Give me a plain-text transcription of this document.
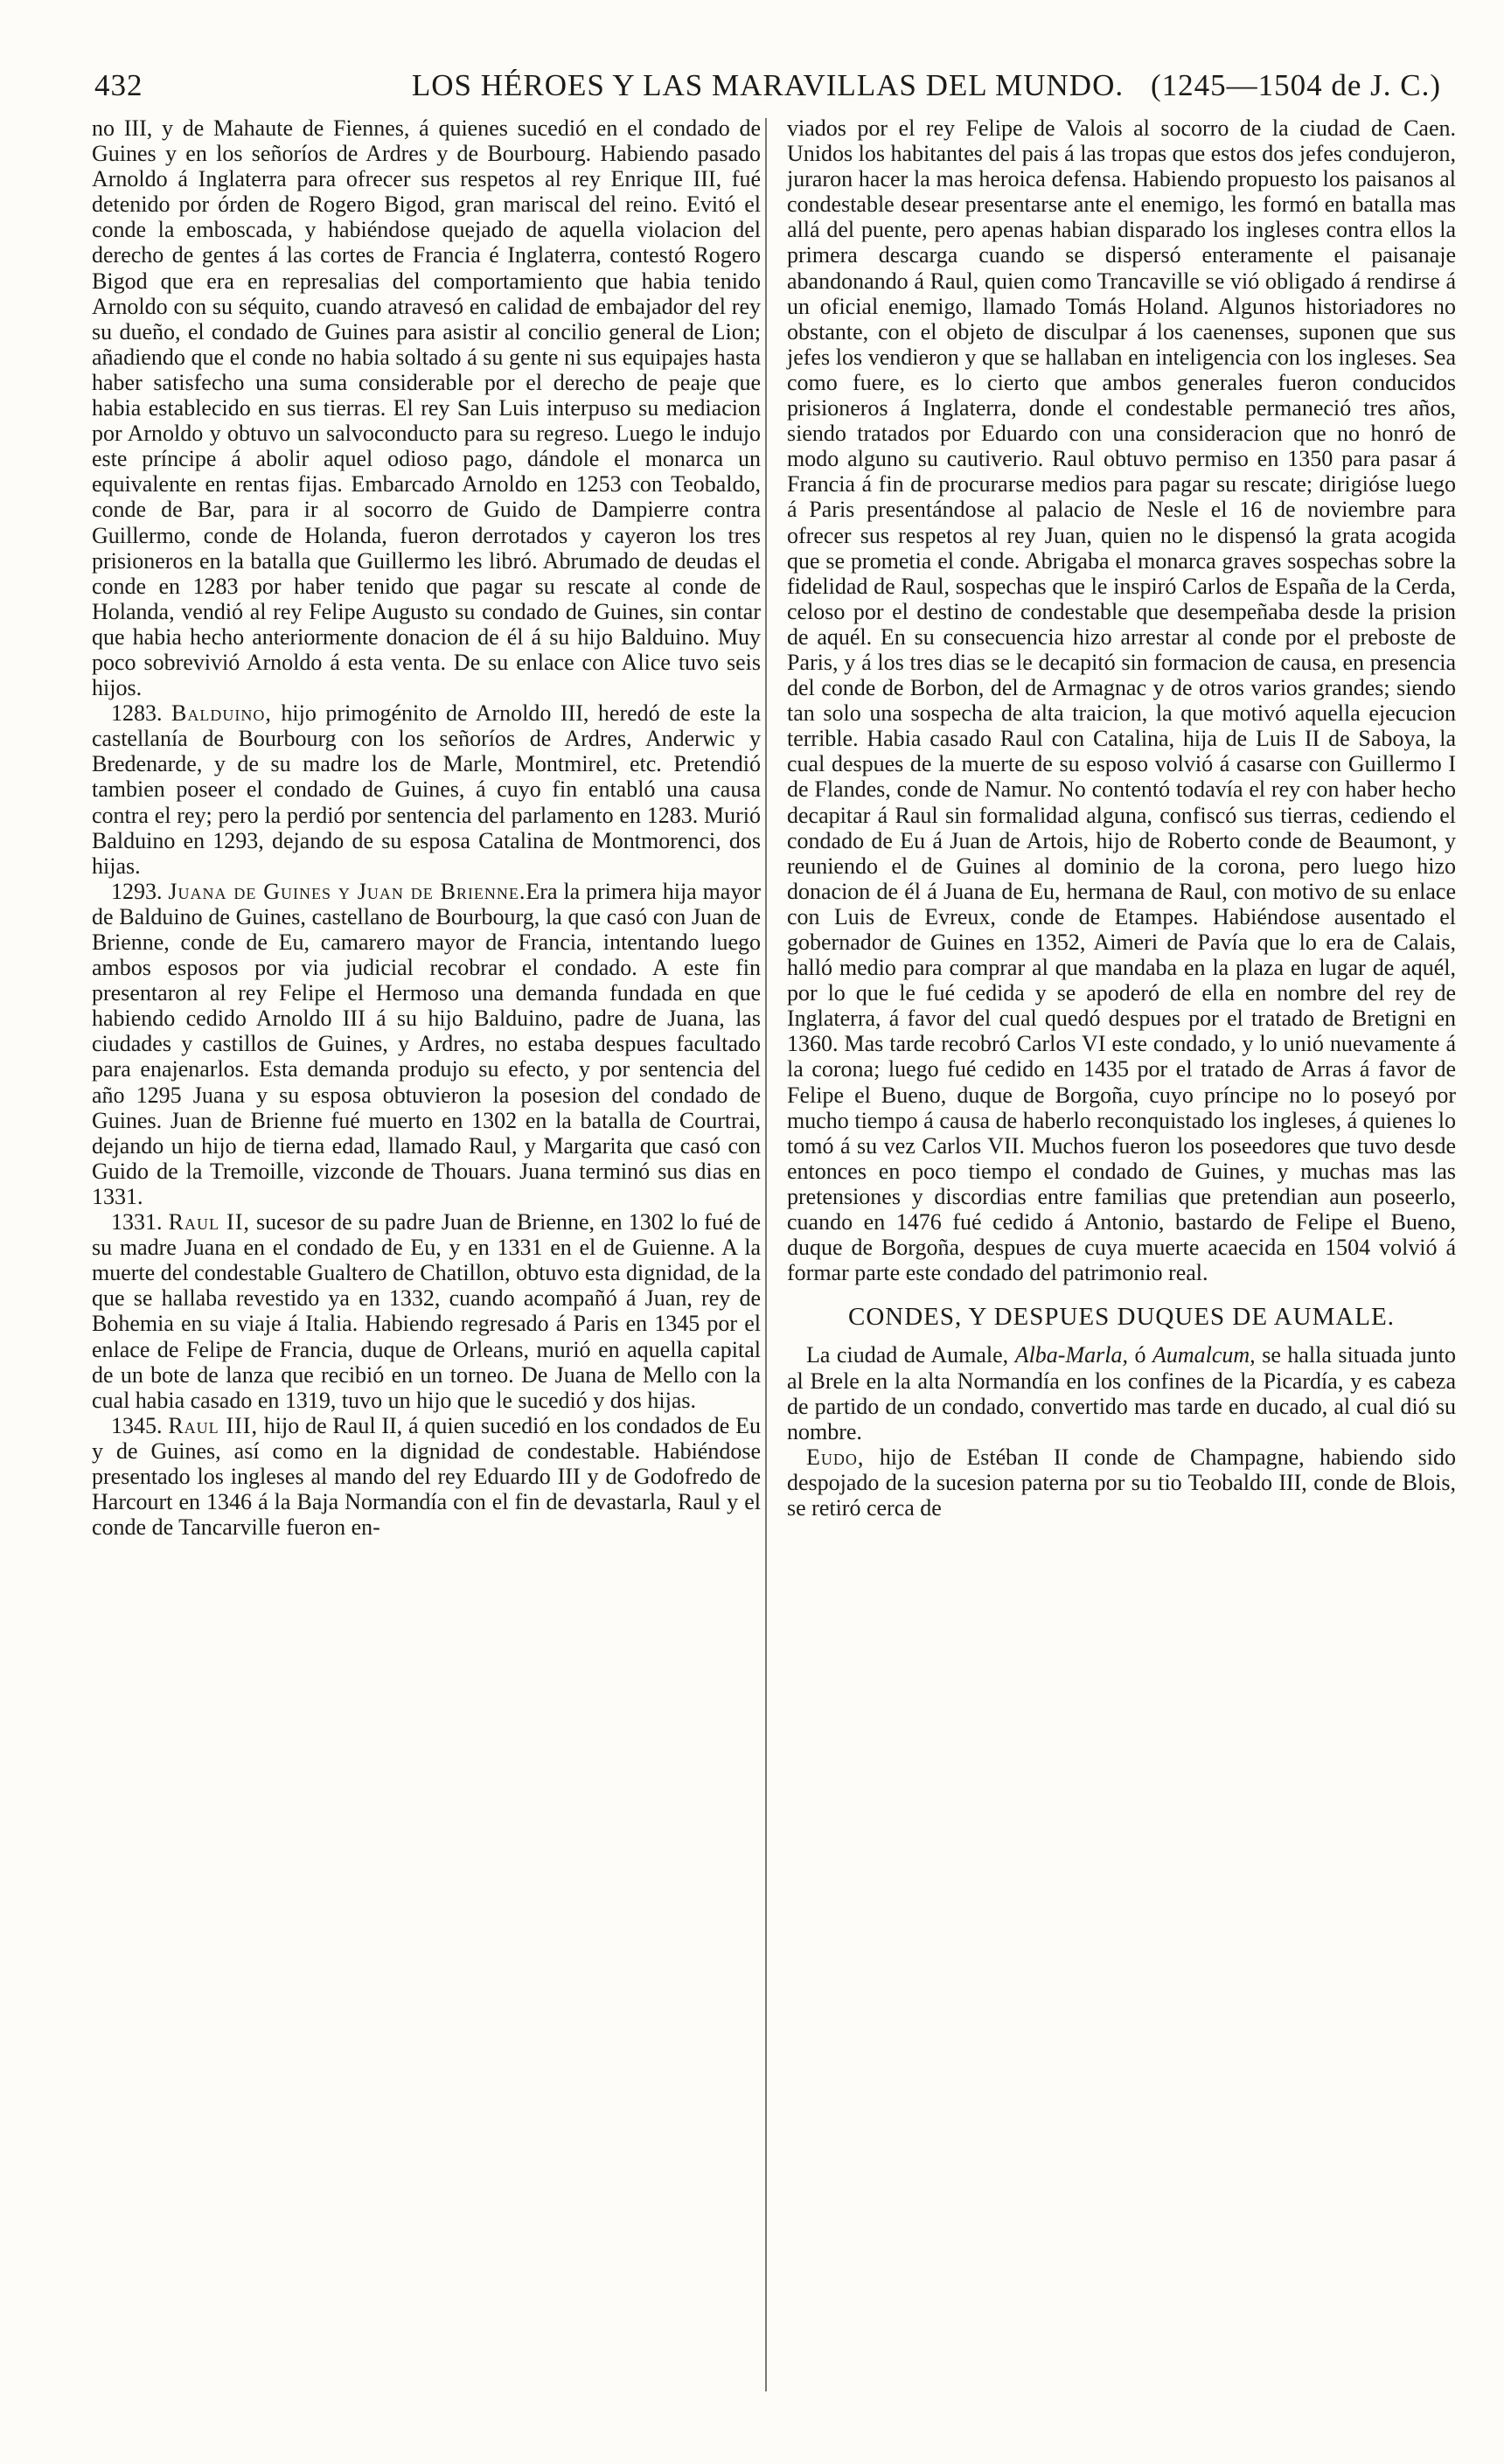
432	LOS HÉROES Y LAS MARAVILLAS DEL MUNDO. (1245—1504 de J. C.)

no III, y de Mahaute de Fiennes, á quienes sucedió en el condado de Guines y en los señoríos de Ardres y de Bourbourg. Habiendo pasado Arnoldo á Inglaterra para ofrecer sus respetos al rey Enrique III, fué detenido por órden de Rogero Bigod, gran mariscal del reino. Evitó el conde la emboscada, y habiéndose quejado de aquella violacion del derecho de gentes á las cortes de Francia é Inglaterra, contestó Rogero Bigod que era en represalias del comportamiento que habia tenido Arnoldo con su séquito, cuando atravesó en calidad de embajador del rey su dueño, el condado de Guines para asistir al concilio general de Lion; añadiendo que el conde no habia soltado á su gente ni sus equipajes hasta haber satisfecho una suma considerable por el derecho de peaje que habia establecido en sus tierras. El rey San Luis interpuso su mediacion por Arnoldo y obtuvo un salvoconducto para su regreso. Luego le indujo este príncipe á abolir aquel odioso pago, dándole el monarca un equivalente en rentas fijas. Embarcado Arnoldo en 1253 con Teobaldo, conde de Bar, para ir al socorro de Guido de Dampierre contra Guillermo, conde de Holanda, fueron derrotados y cayeron los tres prisioneros en la batalla que Guillermo les libró. Abrumado de deudas el conde en 1283 por haber tenido que pagar su rescate al conde de Holanda, vendió al rey Felipe Augusto su condado de Guines, sin contar que habia hecho anteriormente donacion de él á su hijo Balduino. Muy poco sobrevivió Arnoldo á esta venta. De su enlace con Alice tuvo seis hijos.

1283. Balduino, hijo primogénito de Arnoldo III, heredó de este la castellanía de Bourbourg con los señoríos de Ardres, Anderwic y Bredenarde, y de su madre los de Marle, Montmirel, etc. Pretendió tambien poseer el condado de Guines, á cuyo fin entabló una causa contra el rey; pero la perdió por sentencia del parlamento en 1283. Murió Balduino en 1293, dejando de su esposa Catalina de Montmorenci, dos hijas.

1293. Juana de Guines y Juan de Brienne.Era la primera hija mayor de Balduino de Guines, castellano de Bourbourg, la que casó con Juan de Brienne, conde de Eu, camarero mayor de Francia, intentando luego ambos esposos por via judicial recobrar el condado. A este fin presentaron al rey Felipe el Hermoso una demanda fundada en que habiendo cedido Arnoldo III á su hijo Balduino, padre de Juana, las ciudades y castillos de Guines, y Ardres, no estaba despues facultado para enajenarlos. Esta demanda produjo su efecto, y por sentencia del año 1295 Juana y su esposa obtuvieron la posesion del condado de Guines. Juan de Brienne fué muerto en 1302 en la batalla de Courtrai, dejando un hijo de tierna edad, llamado Raul, y Margarita que casó con Guido de la Tremoille, vizconde de Thouars. Juana terminó sus dias en 1331.

1331. Raul II, sucesor de su padre Juan de Brienne, en 1302 lo fué de su madre Juana en el condado de Eu, y en 1331 en el de Guienne. A la muerte del condestable Gualtero de Chatillon, obtuvo esta dignidad, de la que se hallaba revestido ya en 1332, cuando acompañó á Juan, rey de Bohemia en su viaje á Italia. Habiendo regresado á Paris en 1345 por el enlace de Felipe de Francia, duque de Orleans, murió en aquella capital de un bote de lanza que recibió en un torneo. De Juana de Mello con la cual habia casado en 1319, tuvo un hijo que le sucedió y dos hijas.

1345. Raul III, hijo de Raul II, á quien sucedió en los condados de Eu y de Guines, así como en la dignidad de condestable. Habiéndose presentado los ingleses al mando del rey Eduardo III y de Godofredo de Harcourt en 1346 á la Baja Normandía con el fin de devastarla, Raul y el conde de Tancarville fueron en-

viados por el rey Felipe de Valois al socorro de la ciudad de Caen. Unidos los habitantes del pais á las tropas que estos dos jefes condujeron, juraron hacer la mas heroica defensa. Habiendo propuesto los paisanos al condestable desear presentarse ante el enemigo, les formó en batalla mas allá del puente, pero apenas habian disparado los ingleses contra ellos la primera descarga cuando se dispersó enteramente el paisanaje abandonando á Raul, quien como Trancaville se vió obligado á rendirse á un oficial enemigo, llamado Tomás Holand. Algunos historiadores no obstante, con el objeto de disculpar á los caenenses, suponen que sus jefes los vendieron y que se hallaban en inteligencia con los ingleses. Sea como fuere, es lo cierto que ambos generales fueron conducidos prisioneros á Inglaterra, donde el condestable permaneció tres años, siendo tratados por Eduardo con una consideracion que no honró de modo alguno su cautiverio. Raul obtuvo permiso en 1350 para pasar á Francia á fin de procurarse medios para pagar su rescate; dirigióse luego á Paris presentándose al palacio de Nesle el 16 de noviembre para ofrecer sus respetos al rey Juan, quien no le dispensó la grata acogida que se prometia el conde. Abrigaba el monarca graves sospechas sobre la fidelidad de Raul, sospechas que le inspiró Carlos de España de la Cerda, celoso por el destino de condestable que desempeñaba desde la prision de aquél. En su consecuencia hizo arrestar al conde por el preboste de Paris, y á los tres dias se le decapitó sin formacion de causa, en presencia del conde de Borbon, del de Armagnac y de otros varios grandes; siendo tan solo una sospecha de alta traicion, la que motivó aquella ejecucion terrible. Habia casado Raul con Catalina, hija de Luis II de Saboya, la cual despues de la muerte de su esposo volvió á casarse con Guillermo I de Flandes, conde de Namur. No contentó todavía el rey con haber hecho decapitar á Raul sin formalidad alguna, confiscó sus tierras, cediendo el condado de Eu á Juan de Artois, hijo de Roberto conde de Beaumont, y reuniendo el de Guines al dominio de la corona, pero luego hizo donacion de él á Juana de Eu, hermana de Raul, con motivo de su enlace con Luis de Evreux, conde de Etampes. Habiéndose ausentado el gobernador de Guines en 1352, Aimeri de Pavía que lo era de Calais, halló medio para comprar al que mandaba en la plaza en lugar de aquél, por lo que le fué cedida y se apoderó de ella en nombre del rey de Inglaterra, á favor del cual quedó despues por el tratado de Bretigni en 1360. Mas tarde recobró Carlos VI este condado, y lo unió nuevamente á la corona; luego fué cedido en 1435 por el tratado de Arras á favor de Felipe el Bueno, duque de Borgoña, cuyo príncipe no lo poseyó por mucho tiempo á causa de haberlo reconquistado los ingleses, á quienes lo tomó á su vez Carlos VII. Muchos fueron los poseedores que tuvo desde entonces en poco tiempo el condado de Guines, y muchas mas las pretensiones y discordias entre familias que pretendian aun poseerlo, cuando en 1476 fué cedido á Antonio, bastardo de Felipe el Bueno, duque de Borgoña, despues de cuya muerte acaecida en 1504 volvió á formar parte este condado del patrimonio real.

CONDES, Y DESPUES DUQUES DE AUMALE.

La ciudad de Aumale, Alba-Marla, ó Aumalcum, se halla situada junto al Brele en la alta Normandía en los confines de la Picardía, y es cabeza de partido de un condado, convertido mas tarde en ducado, al cual dió su nombre.

Eudo, hijo de Estéban II conde de Champagne, habiendo sido despojado de la sucesion paterna por su tio Teobaldo III, conde de Blois, se retiró cerca de
